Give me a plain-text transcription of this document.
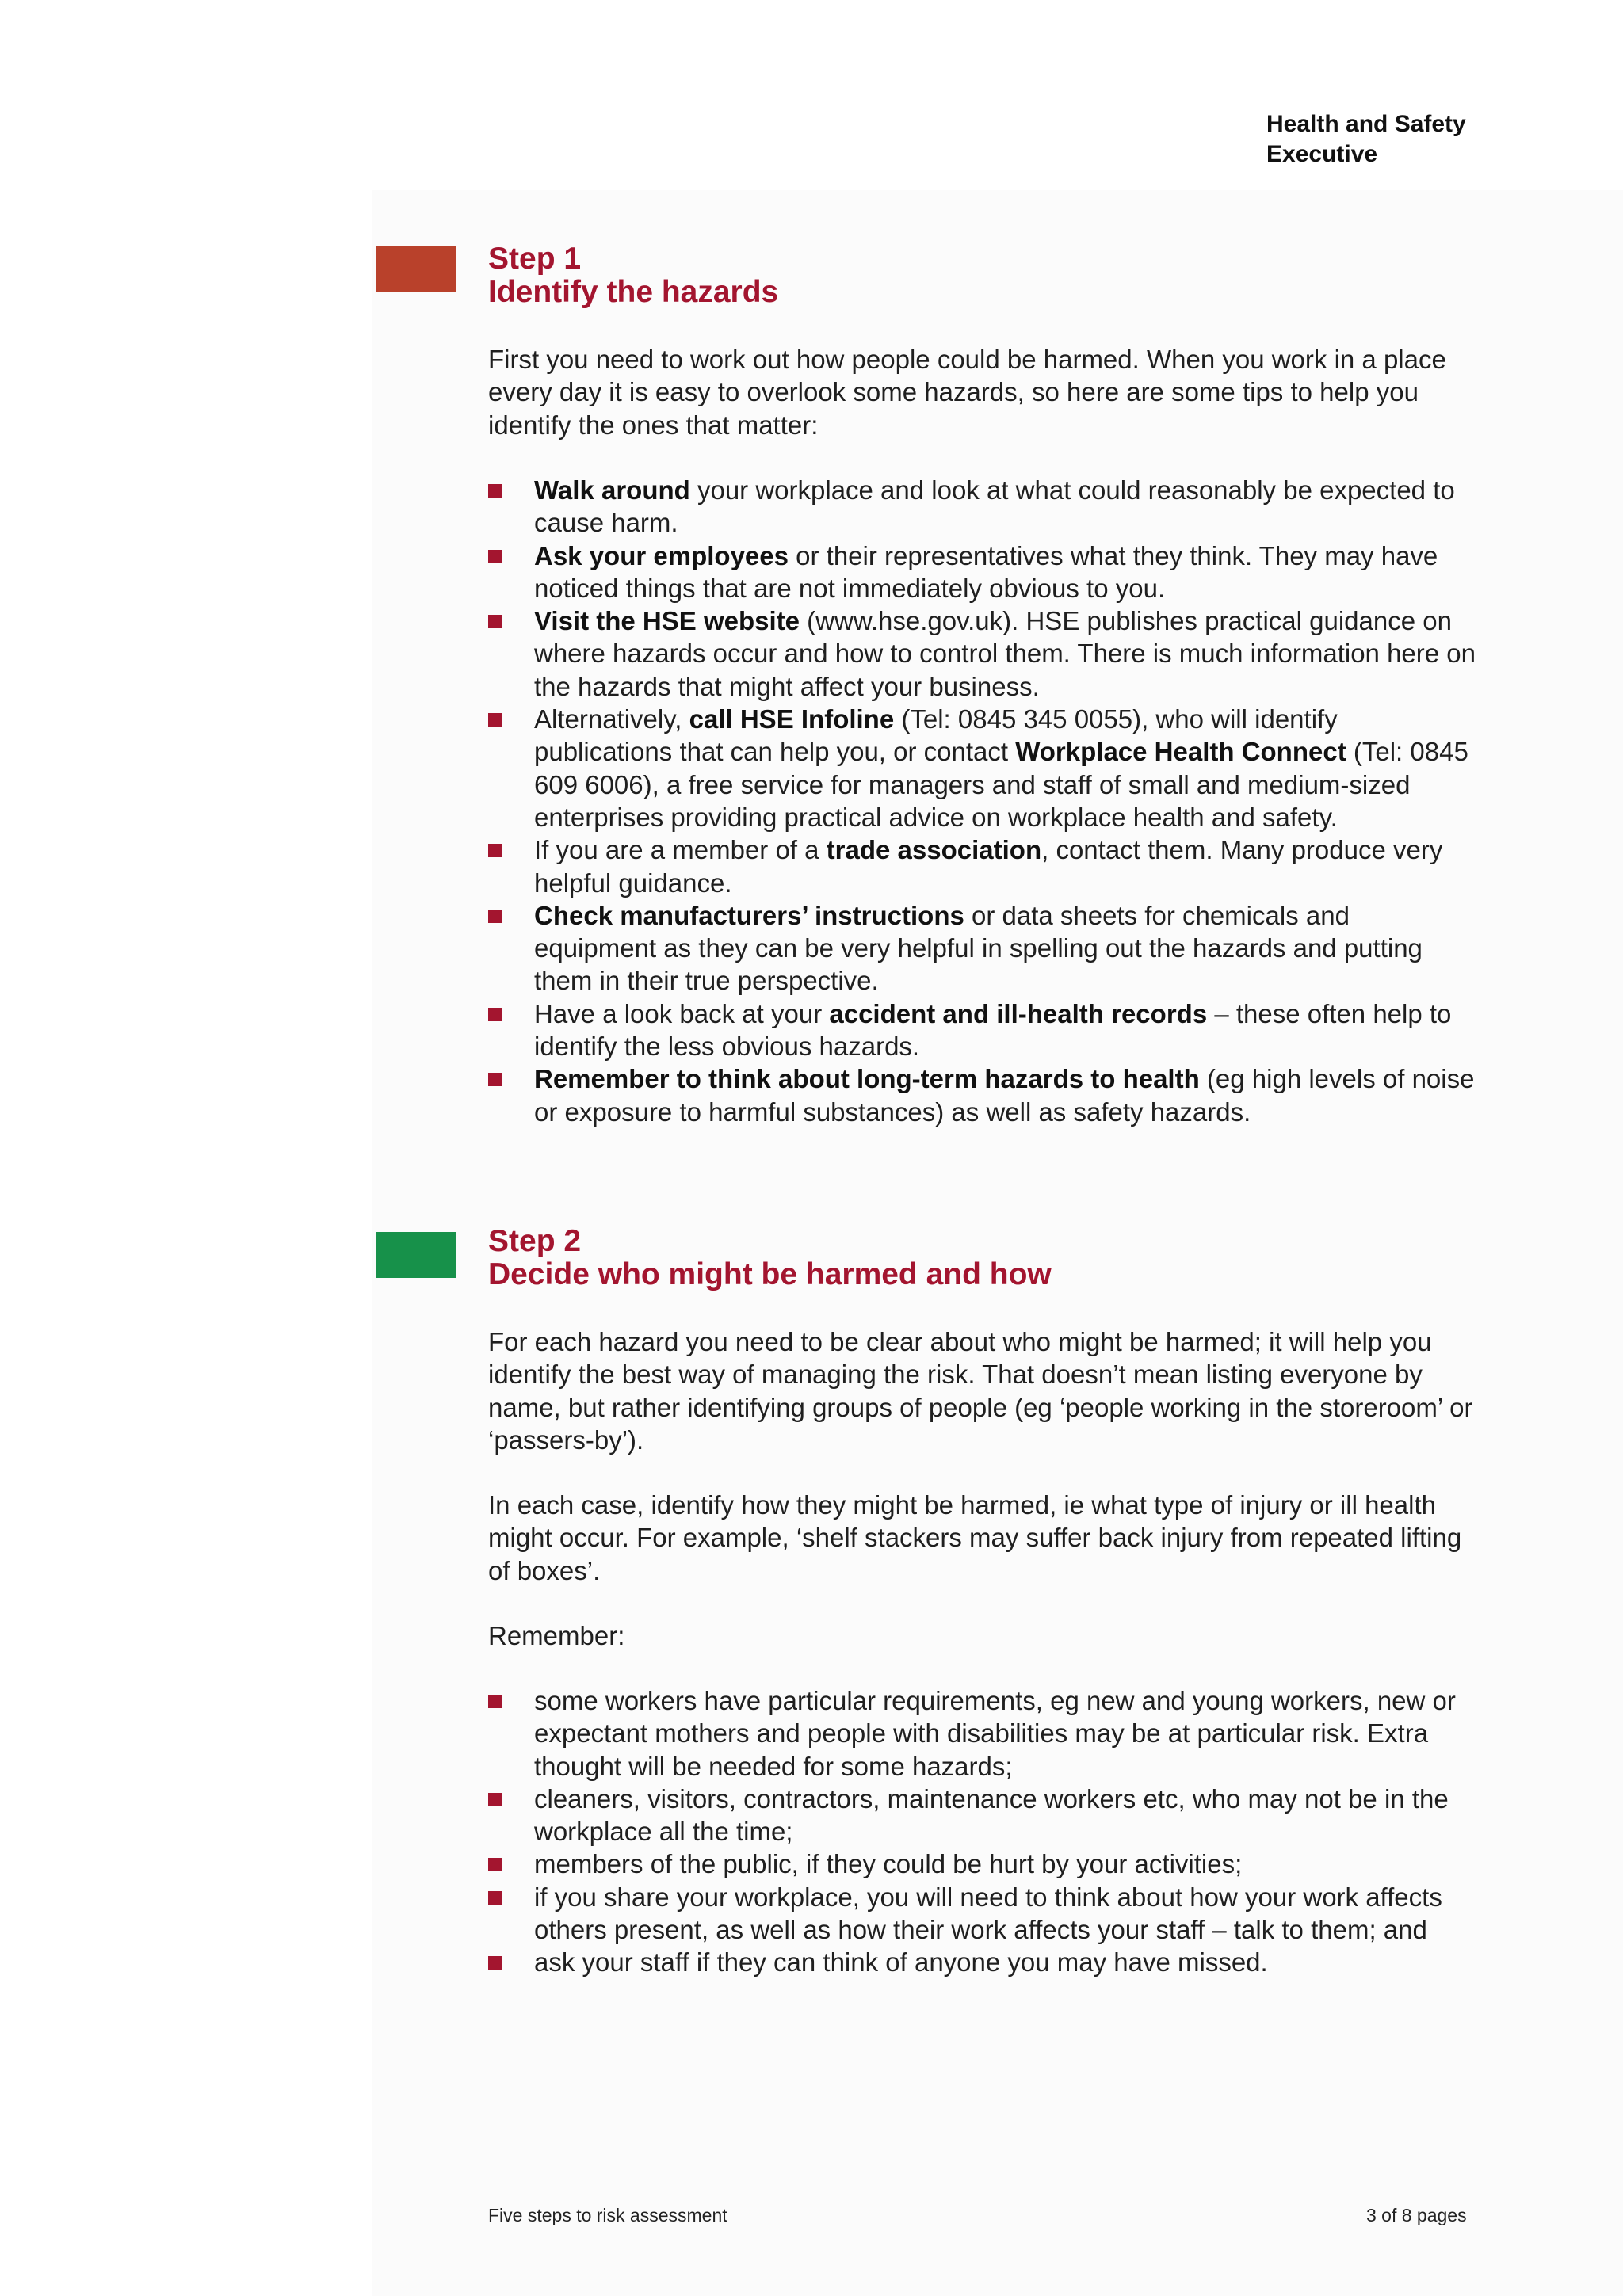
Health and Safety
Executive
Step 1
Identify the hazards
First you need to work out how people could be harmed. When you work in a place every day it is easy to overlook some hazards, so here are some tips to help you identify the ones that matter:
Walk around your workplace and look at what could reasonably be expected to cause harm.
Ask your employees or their representatives what they think. They may have noticed things that are not immediately obvious to you.
Visit the HSE website (www.hse.gov.uk). HSE publishes practical guidance on where hazards occur and how to control them. There is much information here on the hazards that might affect your business.
Alternatively, call HSE Infoline (Tel: 0845 345 0055), who will identify publications that can help you, or contact Workplace Health Connect (Tel: 0845 609 6006), a free service for managers and staff of small and medium-sized enterprises providing practical advice on workplace health and safety.
If you are a member of a trade association, contact them. Many produce very helpful guidance.
Check manufacturers’ instructions or data sheets for chemicals and equipment as they can be very helpful in spelling out the hazards and putting them in their true perspective.
Have a look back at your accident and ill-health records – these often help to identify the less obvious hazards.
Remember to think about long-term hazards to health (eg high levels of noise or exposure to harmful substances) as well as safety hazards.
Step 2
Decide who might be harmed and how
For each hazard you need to be clear about who might be harmed; it will help you identify the best way of managing the risk. That doesn’t mean listing everyone by name, but rather identifying groups of people (eg ‘people working in the storeroom’ or ‘passers-by’).
In each case, identify how they might be harmed, ie what type of injury or ill health might occur. For example, ‘shelf stackers may suffer back injury from repeated lifting of boxes’.
Remember:
some workers have particular requirements, eg new and young workers, new or expectant mothers and people with disabilities may be at particular risk. Extra thought will be needed for some hazards;
cleaners, visitors, contractors, maintenance workers etc, who may not be in the workplace all the time;
members of the public, if they could be hurt by your activities;
if you share your workplace, you will need to think about how your work affects others present, as well as how their work affects your staff – talk to them; and
ask your staff if they can think of anyone you may have missed.
Five steps to risk assessment	3 of 8 pages
